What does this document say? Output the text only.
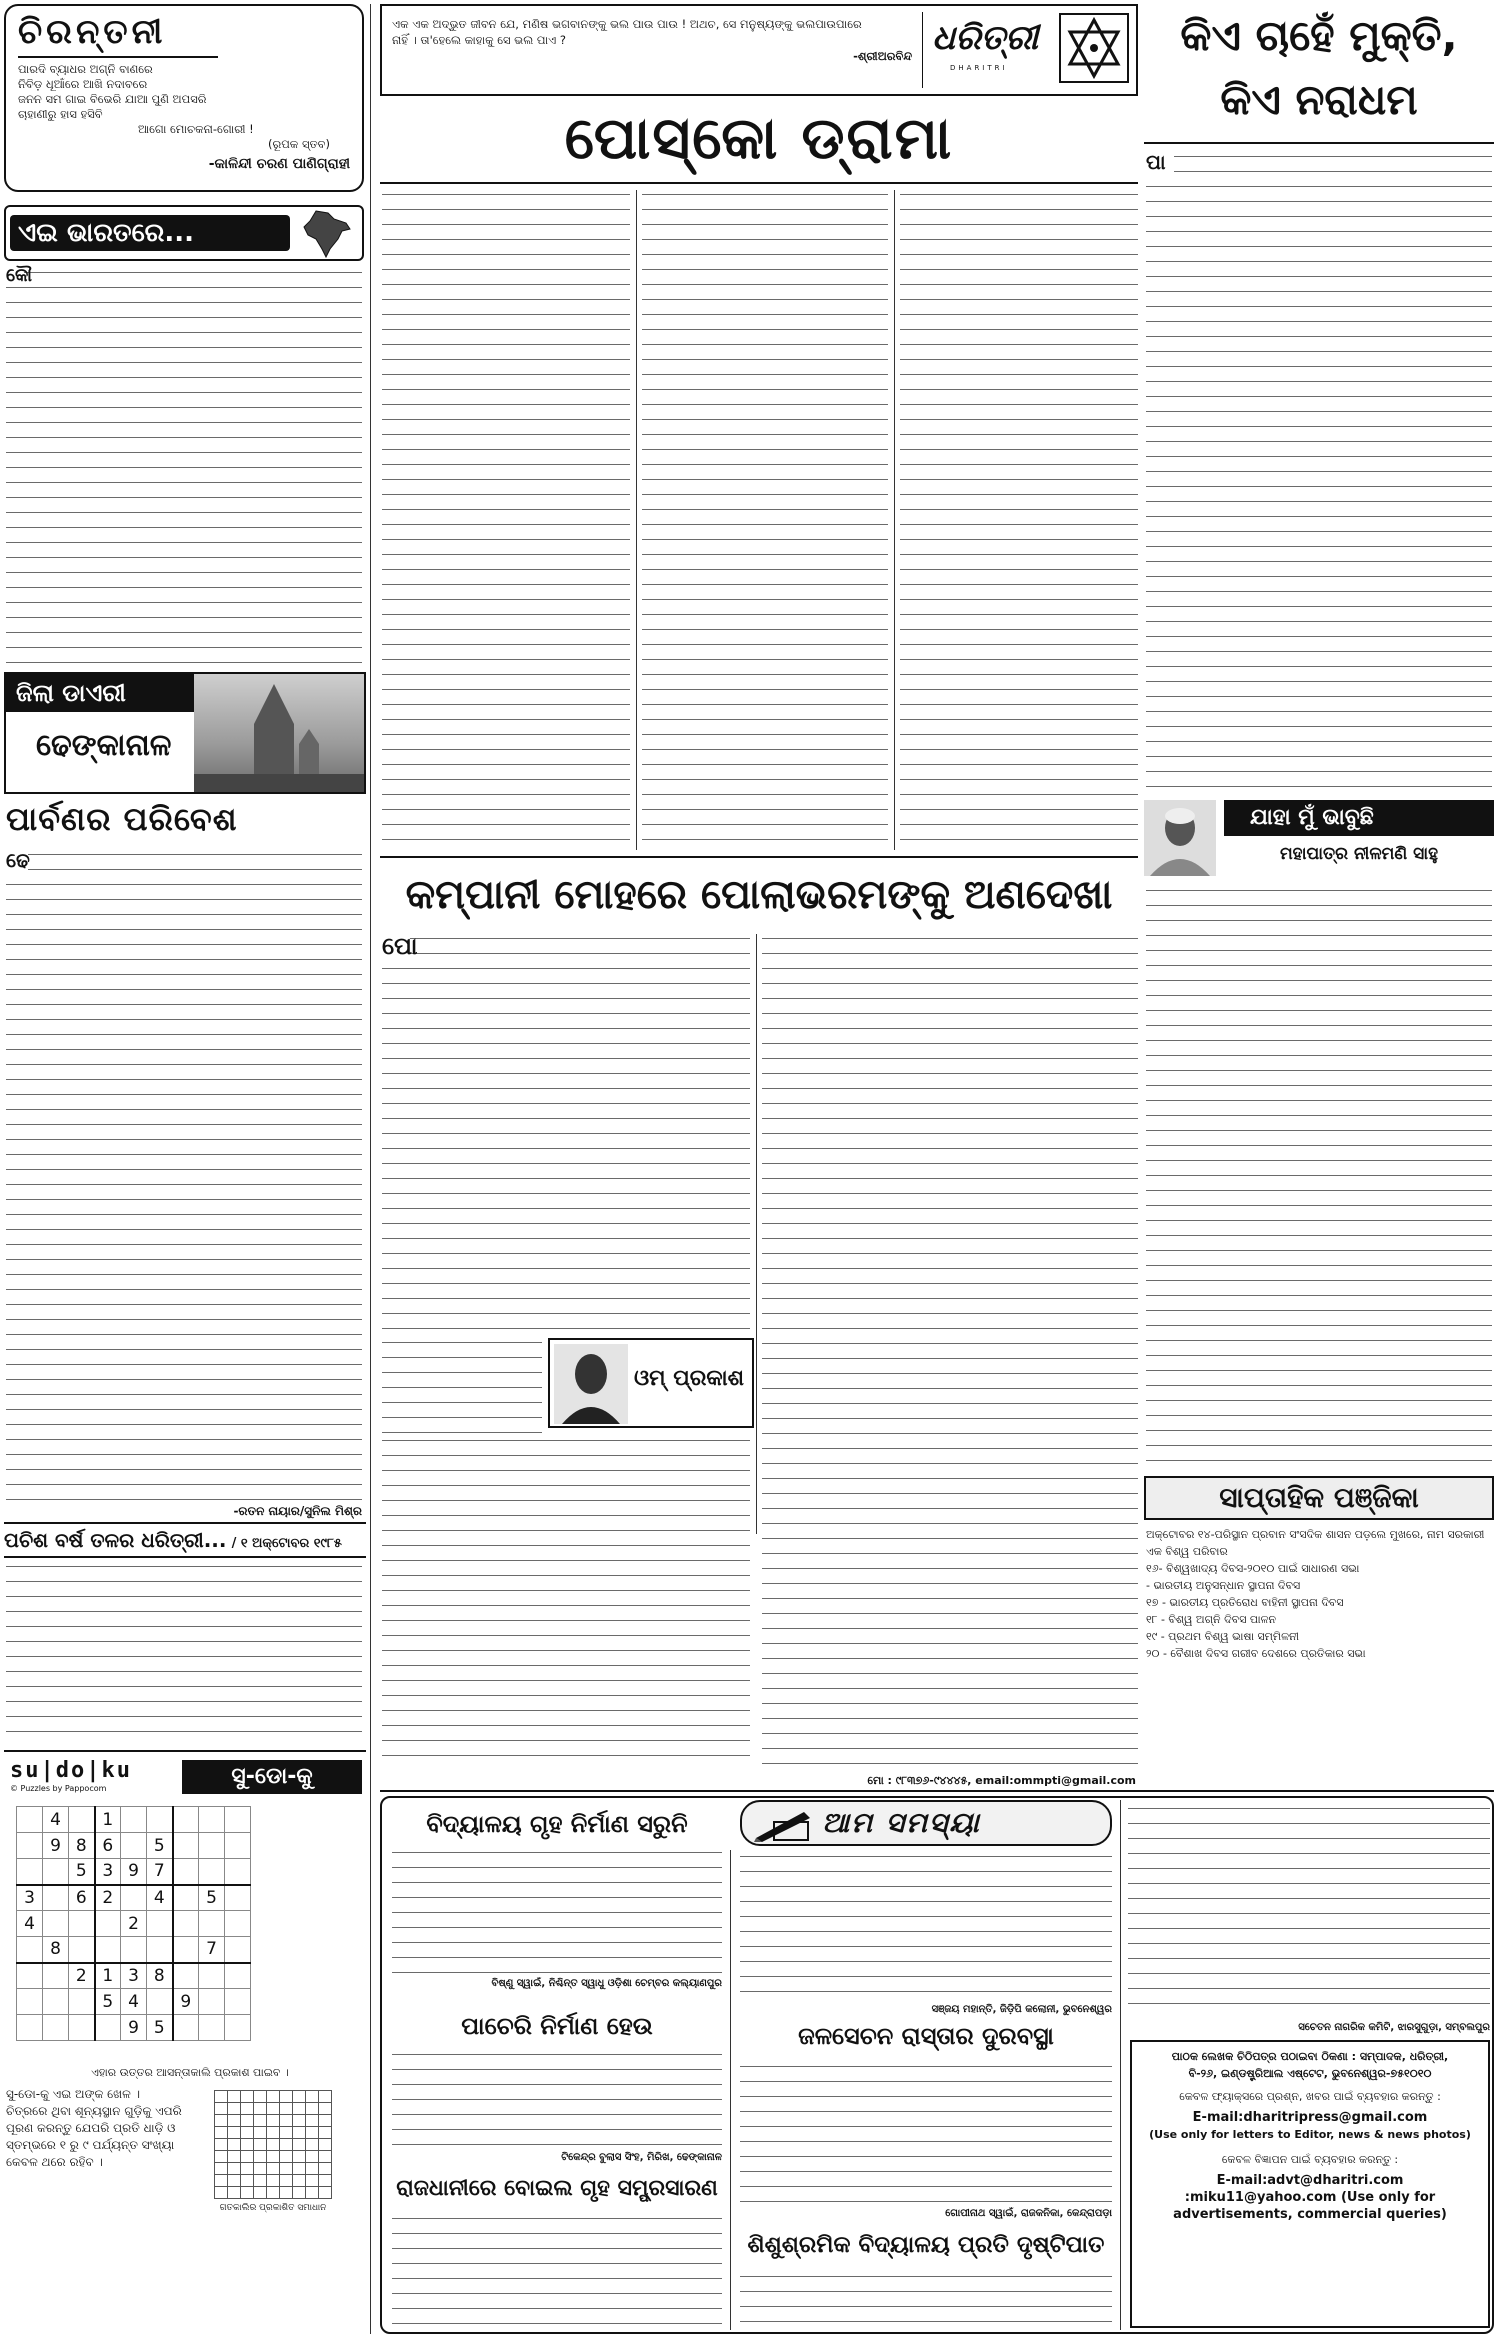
ଚିରନ୍ତନୀ
ପାରଦି ବ୍ୟାଧର ଅଗ୍ନି ବାଣରେ
ନିବିଡ଼ ଧୂଆଁରେ ଆଖି ନଦାବରେ
ଜନନ ସମ ଗାଇ ବିଭେରି ଯାଆ ପୁଣି ଅପସରି
ଚାହାଣୀରୁ ହାସ ହସିବି
ଆଗୋ ମୋଚକନା-ଗୋରୀ !
(ରୂପକ ସ୍ତବ)
-କାଳିନ୍ଦୀ ଚରଣ ପାଣିଗ୍ରାହୀ
ଏଇ ଭାରତରେ...
କୌ
ଜିଲା ଡାଏରୀ
ଢେଙ୍କାନାଳ
ପାର୍ବଣର ପରିବେଶ
ଢେ
-ରତନ ନାୟାର/ସୁନିଲ ମିଶ୍ର
ପଚିଶ ବର୍ଷ ତଳର ଧରିତ୍ରୀ... / ୧ ଅକ୍ଟୋବର ୧୯୮୫
su|do|ku
© Puzzles by Pappocom	ସୁ-ଡୋ-କୁ
	4		1					
	9	8	6		5			
		5	3	9	7			
3		6	2		4		5	
4				2				
	8						7	
		2	1	3	8			
			5	4		9		
				9	5			
ଏହାର ଉତ୍ତର ଆସନ୍ତାକାଲି ପ୍ରକାଶ ପାଇବ ।
ସୁ-ଡୋ-କୁ ଏଇ ଅଙ୍କ ଖେଳ ।
ଚିତ୍ରରେ ଥିବା ଶୂନ୍ୟସ୍ଥାନ ଗୁଡ଼ିକୁ ଏପରି ପୂରଣ କରନ୍ତୁ ଯେପରି ପ୍ରତି ଧାଡ଼ି ଓ ସ୍ତମ୍ଭରେ ୧ ରୁ ୯ ପର୍ଯ୍ୟନ୍ତ ସଂଖ୍ୟା କେବଳ ଥରେ ରହିବ ।

ଗତକାଲିର ପ୍ରକାଶିତ ସମାଧାନ
ଏକ ଏକ ଅଦ୍ଭୁତ ଜୀବନ ଯେ, ମଣିଷ ଭଗବାନଙ୍କୁ ଭଲ ପାଉ ପାଉ ! ଅଥଚ, ସେ ମନୁଷ୍ୟଙ୍କୁ ଭଲପାଉପାରେ
ନାହିଁ । ତା'ହେଲେ କାହାକୁ ସେ ଭଲ ପାଏ ?
-ଶ୍ରୀଅରବିନ୍ଦ ଧରିତ୍ରୀ
DHARITRI
ପୋସ୍କୋ ଡ୍ରାମା
କମ୍ପାନୀ ମୋହରେ ପୋଲାଭରମଙ୍କୁ ଅଣଦେଖା
ପୋ
ଓମ୍ ପ୍ରକାଶ
ମୋ : ୯୮୩୭୬-୯୪୪୪୫, email:ommpti@gmail.com
କିଏ ଚାହେଁ ମୁକ୍ତି,
କିଏ ନରାଧମ
ପା
ଯାହା ମୁଁ ଭାବୁଛି
ମହାପାତ୍ର ନୀଳମଣି ସାହୁ
ସାପ୍ତାହିକ ପଞ୍ଜିକା
ଅକ୍ଟୋବର ୧୪-ପରିସ୍ଥାନ ପ୍ରବାନ ସଂସଦିକ ଶାସନ ପଡ଼ଲେ ମୁଖରେ, ନାମ ସରକାରୀ ଏକ ବିଶ୍ୱ ପରିବାର
୧୬- ବିଶ୍ୱଖାଦ୍ୟ ଦିବସ-୨୦୧୦ ପାଇଁ ସାଧାରଣ ସଭା
- ଭାରତୀୟ ଅନୁସନ୍ଧାନ ସ୍ଥାପନା ଦିବସ
୧୭ - ଭାରତୀୟ ପ୍ରତିରୋଧ ବାହିନୀ ସ୍ଥାପନା ଦିବସ
୧୮ - ବିଶ୍ୱ ଅଗ୍ନି ଦିବସ ପାଳନ
୧୯ - ପ୍ରଥମ ବିଶ୍ୱ ଭାଷା ସମ୍ମିଳନୀ
୨୦ - ବୈଶାଖ ଦିବସ ଗରୀବ ଦେଶରେ ପ୍ରତିକାର ସଭା
ବିଦ୍ୟାଳୟ ଗୃହ ନିର୍ମାଣ ସରୁନି
ବିଷ୍ଣୁ ସ୍ୱାଇଁ, ନିଶ୍ଚିନ୍ତ ସ୍ୱାଧୁ ଓଡ଼ିଶା ଚେମ୍ବର କଲ୍ୟାଣପୁର
ପାଚେରି ନିର୍ମାଣ ହେଉ
ଟିକେନ୍ଦ୍ର ବୁଲାସ ସିଂହ, ମିରିଖ, ଢେଙ୍କାନାଳ
ରାଜଧାନୀରେ ବୋଇଲ ଗୃହ ସମ୍ପ୍ରସାରଣ
ଆମ ସମସ୍ୟା
ସଞ୍ଜୟ ମହାନ୍ତି, ଜିଡ଼ିପି କଲୋନୀ, ଭୁବନେଶ୍ୱର
ଜଳସେଚନ ରାସ୍ତାର ଦୁରବସ୍ଥା
ଗୋପୀନାଥ ସ୍ୱାଇଁ, ରାଜକନିକା, କେନ୍ଦ୍ରାପଡ଼ା
ଶିଶୁଶ୍ରମିକ ବିଦ୍ୟାଳୟ ପ୍ରତି ଦୃଷ୍ଟିପାତ
ସଚେତନ ନାଗରିକ କମିଟି, ଝାରସୁଗୁଡ଼ା, ସମ୍ବଲପୁର
ପାଠକ ଲେଖକ ଚିଠିପତ୍ର ପଠାଇବା ଠିକଣା : ସମ୍ପାଦକ, ଧରିତ୍ରୀ,
ବି-୨୬, ଇଣ୍ଡଷ୍ଟ୍ରିଆଲ ଏଷ୍ଟେଟ, ଭୁବନେଶ୍ୱର-୭୫୧୦୧୦
କେବଳ ଫ୍ୟାକ୍ସରେ ପ୍ରଶ୍ନ, ଖବର ପାଇଁ ବ୍ୟବହାର କରନ୍ତୁ :
E-mail:dharitripress@gmail.com
(Use only for letters to Editor, news & news photos)
କେବଳ ବିଜ୍ଞାପନ ପାଇଁ ବ୍ୟବହାର କରନ୍ତୁ :
E-mail:advt@dharitri.com
:miku11@yahoo.com (Use only for
advertisements, commercial queries)
